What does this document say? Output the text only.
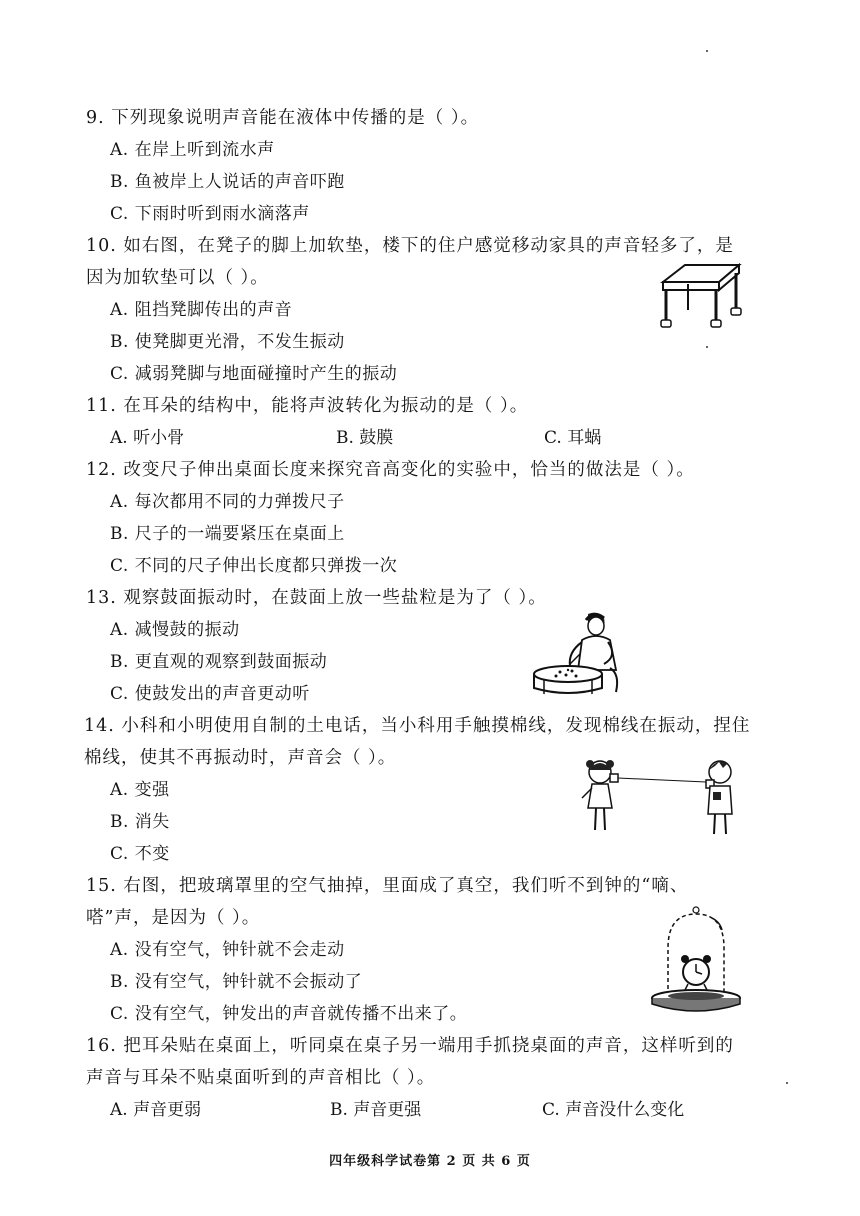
9. 下列现象说明声音能在液体中传播的是（ ）。
A. 在岸上听到流水声
B. 鱼被岸上人说话的声音吓跑
C. 下雨时听到雨水滴落声
10. 如右图，在凳子的脚上加软垫，楼下的住户感觉移动家具的声音轻多了，是因为加软垫可以（ ）。
A. 阻挡凳脚传出的声音
B. 使凳脚更光滑，不发生振动
C. 减弱凳脚与地面碰撞时产生的振动
11. 在耳朵的结构中，能将声波转化为振动的是（ ）。
A. 听小骨	B. 鼓膜	C. 耳蜗
12. 改变尺子伸出桌面长度来探究音高变化的实验中，恰当的做法是（ ）。
A. 每次都用不同的力弹拨尺子
B. 尺子的一端要紧压在桌面上
C. 不同的尺子伸出长度都只弹拨一次
13. 观察鼓面振动时，在鼓面上放一些盐粒是为了（ ）。
A. 减慢鼓的振动
B. 更直观的观察到鼓面振动
C. 使鼓发出的声音更动听
14. 小科和小明使用自制的土电话，当小科用手触摸棉线，发现棉线在振动，捏住棉线，使其不再振动时，声音会（ ）。
A. 变强
B. 消失
C. 不变
15. 右图，把玻璃罩里的空气抽掉，里面成了真空，我们听不到钟的“嘀、嗒”声，是因为（ ）。
A. 没有空气，钟针就不会走动
B. 没有空气，钟针就不会振动了
C. 没有空气，钟发出的声音就传播不出来了。
16. 把耳朵贴在桌面上，听同桌在桌子另一端用手抓挠桌面的声音，这样听到的声音与耳朵不贴桌面听到的声音相比（ ）。
A. 声音更弱	B. 声音更强	C. 声音没什么变化
四年级科学试卷第 2 页 共 6 页
